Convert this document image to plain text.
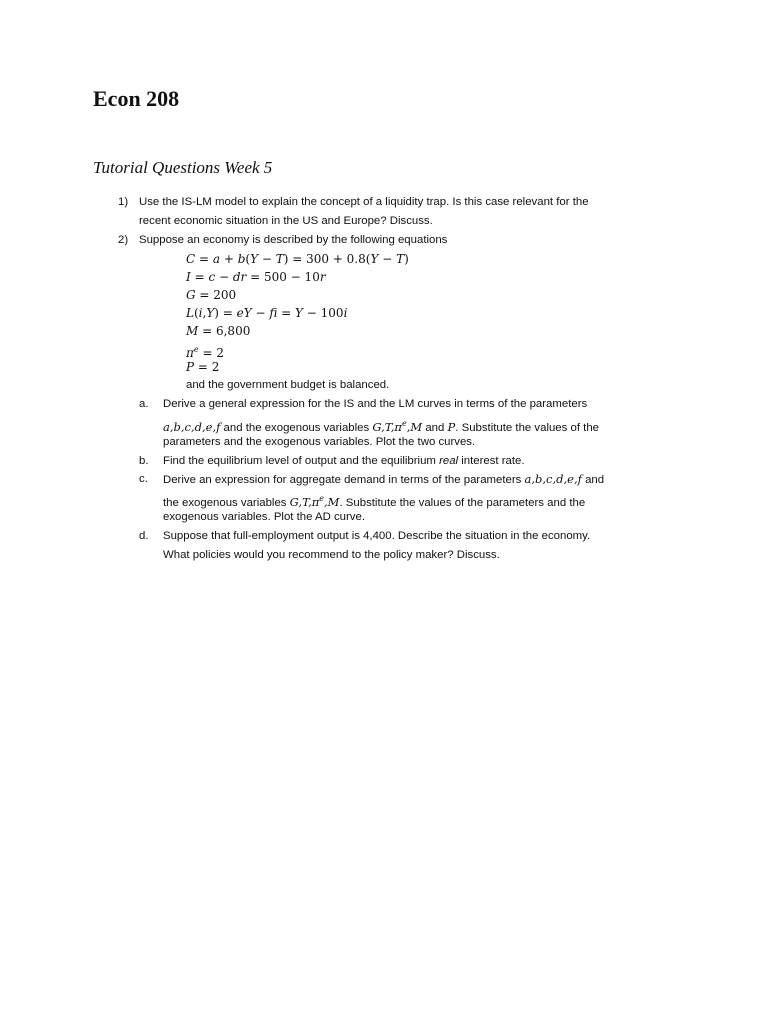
Econ 208
Tutorial Questions Week 5
1) Use the IS-LM model to explain the concept of a liquidity trap. Is this case relevant for the
recent economic situation in the US and Europe? Discuss.
2) Suppose an economy is described by the following equations
C = a + b(Y − T) = 300 + 0.8(Y − T)
I = c − dr = 500 − 10r
G = 200
L(i,Y) = eY − fi = Y − 100i
M = 6,800
$\pi^e = 2$
P = 2
and the government budget is balanced.
a. Derive a general expression for the IS and the LM curves in terms of the parameters
a,b,c,d,e,f and the exogenous variables $G,T,\pi^e,M$ and P. Substitute the values of the
parameters and the exogenous variables. Plot the two curves.
b. Find the equilibrium level of output and the equilibrium real interest rate.
c. Derive an expression for aggregate demand in terms of the parameters a,b,c,d,e,f and
the exogenous variables $G,T,\pi^e,M$. Substitute the values of the parameters and the
exogenous variables. Plot the AD curve.
d. Suppose that full-employment output is 4,400. Describe the situation in the economy.
What policies would you recommend to the policy maker? Discuss.
